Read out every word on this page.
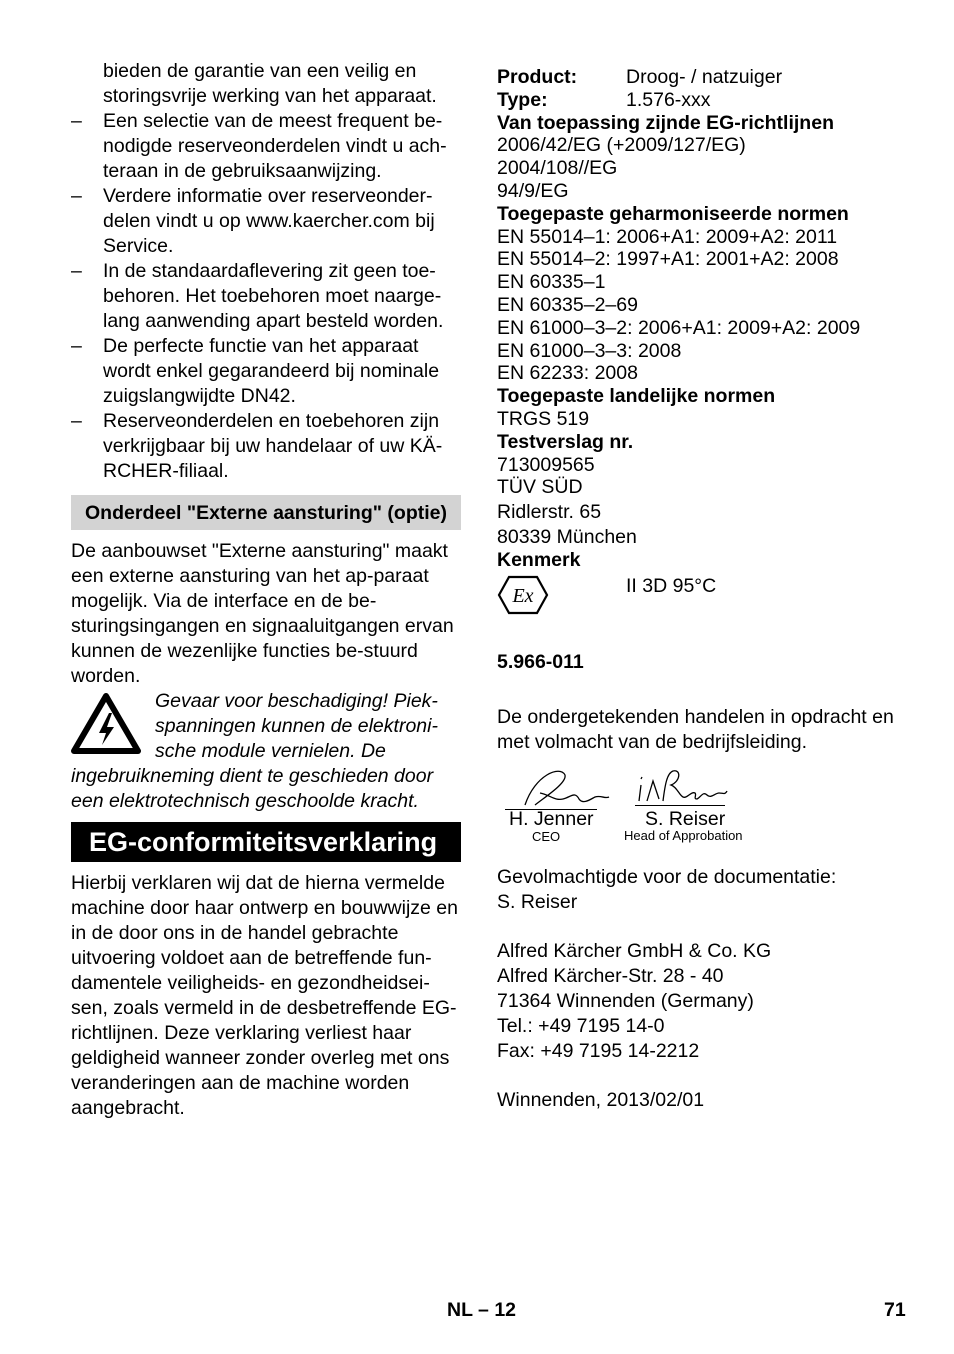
bieden de garantie van een veilig en storingsvrije werking van het apparaat.

– Een selectie van de meest frequent be-nodigde reserveonderdelen vindt u ach-teraan in de gebruiksaanwijzing.
– Verdere informatie over reserveonder-delen vindt u op www.kaercher.com bij Service.
– In de standaardaflevering zit geen toe-behoren. Het toebehoren moet naarge-lang aanwending apart besteld worden.
– De perfecte functie van het apparaat wordt enkel gegarandeerd bij nominale zuigslangwijdte DN42.
– Reserveonderdelen en toebehoren zijn verkrijgbaar bij uw handelaar of uw KÄ-RCHER-filiaal.
Onderdeel "Externe aansturing" (optie)

De aanbouwset "Externe aansturing" maakt een externe aansturing van het ap-paraat mogelijk. Via de interface en de be-sturingsingangen en signaaluitgangen ervan kunnen de wezenlijke functies be-stuurd worden.

Gevaar voor beschadiging! Piek-spanningen kunnen de elektroni-sche module vernielen. De ingebruikneming dient te geschieden door een elektrotechnisch geschoolde kracht.
EG-conformiteitsverklaring

Hierbij verklaren wij dat de hierna vermelde machine door haar ontwerp en bouwwijze en in de door ons in de handel gebrachte uitvoering voldoet aan de betreffende fun-damentele veiligheids- en gezondheidsei-sen, zoals vermeld in de desbetreffende EG-richtlijnen. Deze verklaring verliest haar geldigheid wanneer zonder overleg met ons veranderingen aan de machine worden aangebracht.

Product:	Droog- / natzuiger
Type:	1.576-xxx
Van toepassing zijnde EG-richtlijnen
2006/42/EG (+2009/127/EG)
2004/108//EG
94/9/EG
Toegepaste geharmoniseerde normen
EN 55014–1: 2006+A1: 2009+A2: 2011
EN 55014–2: 1997+A1: 2001+A2: 2008
EN 60335–1
EN 60335–2–69
EN 61000–3–2: 2006+A1: 2009+A2: 2009
EN 61000–3–3: 2008
EN 62233: 2008
Toegepaste landelijke normen
TRGS 519
Testverslag nr.
713009565
TÜV SÜD
Ridlerstr. 65
80339 München
Kenmerk
Ex	II 3D 95°C
5.966-011

De ondergetekenden handelen in opdracht en met volmacht van de bedrijfsleiding.

H. Jenner
CEO
S. Reiser
Head of Approbation

Gevolmachtigde voor de documentatie:

S. Reiser

Alfred Kärcher GmbH & Co. KG

Alfred Kärcher-Str. 28 - 40

71364 Winnenden (Germany)

Tel.: +49 7195 14-0

Fax: +49 7195 14-2212

Winnenden, 2013/02/01

NL – 12	71
